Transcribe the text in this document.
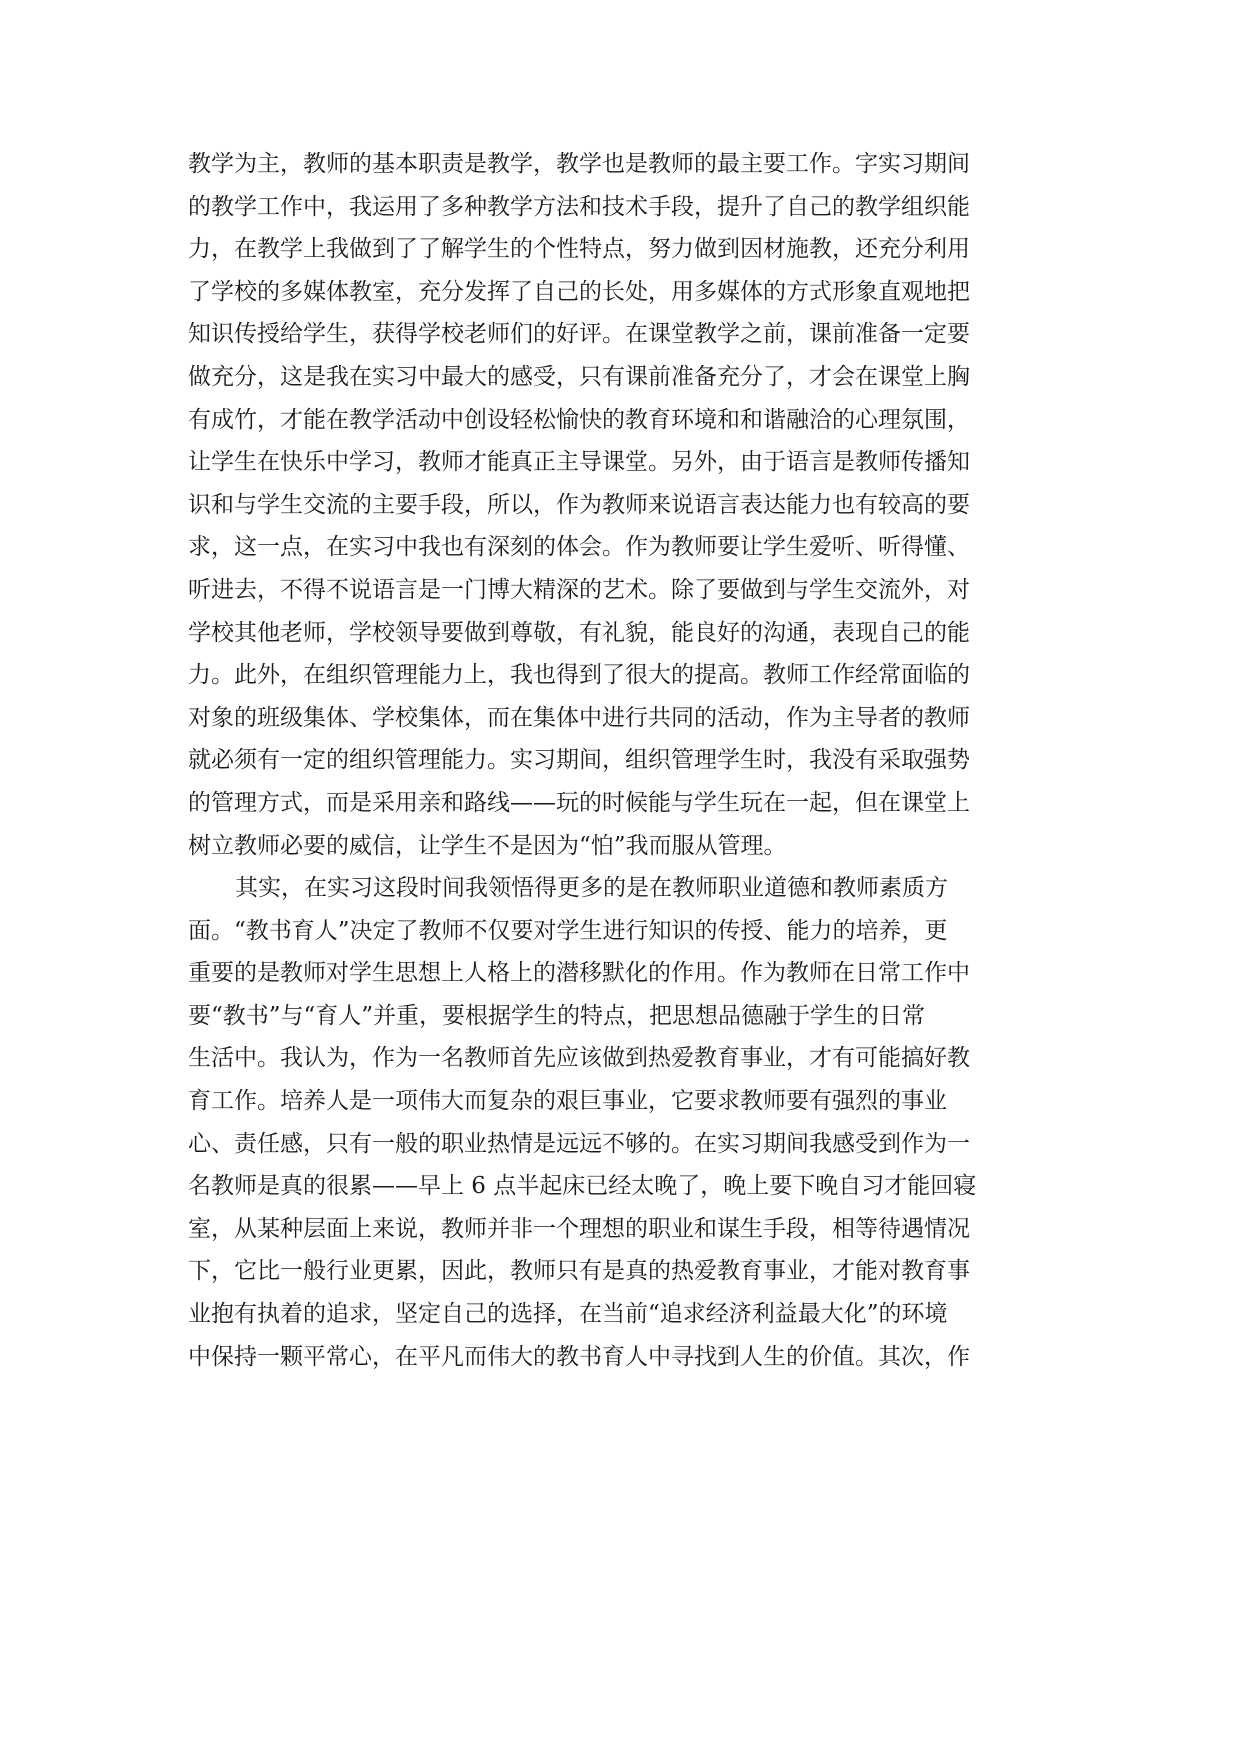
教学为主，教师的基本职责是教学，教学也是教师的最主要工作。字实习期间
的教学工作中，我运用了多种教学方法和技术手段，提升了自己的教学组织能
力，在教学上我做到了了解学生的个性特点，努力做到因材施教，还充分利用
了学校的多媒体教室，充分发挥了自己的长处，用多媒体的方式形象直观地把
知识传授给学生，获得学校老师们的好评。在课堂教学之前，课前准备一定要
做充分，这是我在实习中最大的感受，只有课前准备充分了，才会在课堂上胸
有成竹，才能在教学活动中创设轻松愉快的教育环境和和谐融洽的心理氛围，
让学生在快乐中学习，教师才能真正主导课堂。另外，由于语言是教师传播知
识和与学生交流的主要手段，所以，作为教师来说语言表达能力也有较高的要
求，这一点，在实习中我也有深刻的体会。作为教师要让学生爱听、听得懂、
听进去，不得不说语言是一门博大精深的艺术。除了要做到与学生交流外，对
学校其他老师，学校领导要做到尊敬，有礼貌，能良好的沟通，表现自己的能
力。此外，在组织管理能力上，我也得到了很大的提高。教师工作经常面临的
对象的班级集体、学校集体，而在集体中进行共同的活动，作为主导者的教师
就必须有一定的组织管理能力。实习期间，组织管理学生时，我没有采取强势
的管理方式，而是采用亲和路线——玩的时候能与学生玩在一起，但在课堂上
树立教师必要的威信，让学生不是因为“怕”我而服从管理。
其实，在实习这段时间我领悟得更多的是在教师职业道德和教师素质方
面。“教书育人”决定了教师不仅要对学生进行知识的传授、能力的培养，更
重要的是教师对学生思想上人格上的潜移默化的作用。作为教师在日常工作中
要“教书”与“育人”并重，要根据学生的特点，把思想品德融于学生的日常
生活中。我认为，作为一名教师首先应该做到热爱教育事业，才有可能搞好教
育工作。培养人是一项伟大而复杂的艰巨事业，它要求教师要有强烈的事业
心、责任感，只有一般的职业热情是远远不够的。在实习期间我感受到作为一
名教师是真的很累——早上 6 点半起床已经太晚了，晚上要下晚自习才能回寝
室，从某种层面上来说，教师并非一个理想的职业和谋生手段，相等待遇情况
下，它比一般行业更累，因此，教师只有是真的热爱教育事业，才能对教育事
业抱有执着的追求，坚定自己的选择，在当前“追求经济利益最大化”的环境
中保持一颗平常心，在平凡而伟大的教书育人中寻找到人生的价值。其次，作
